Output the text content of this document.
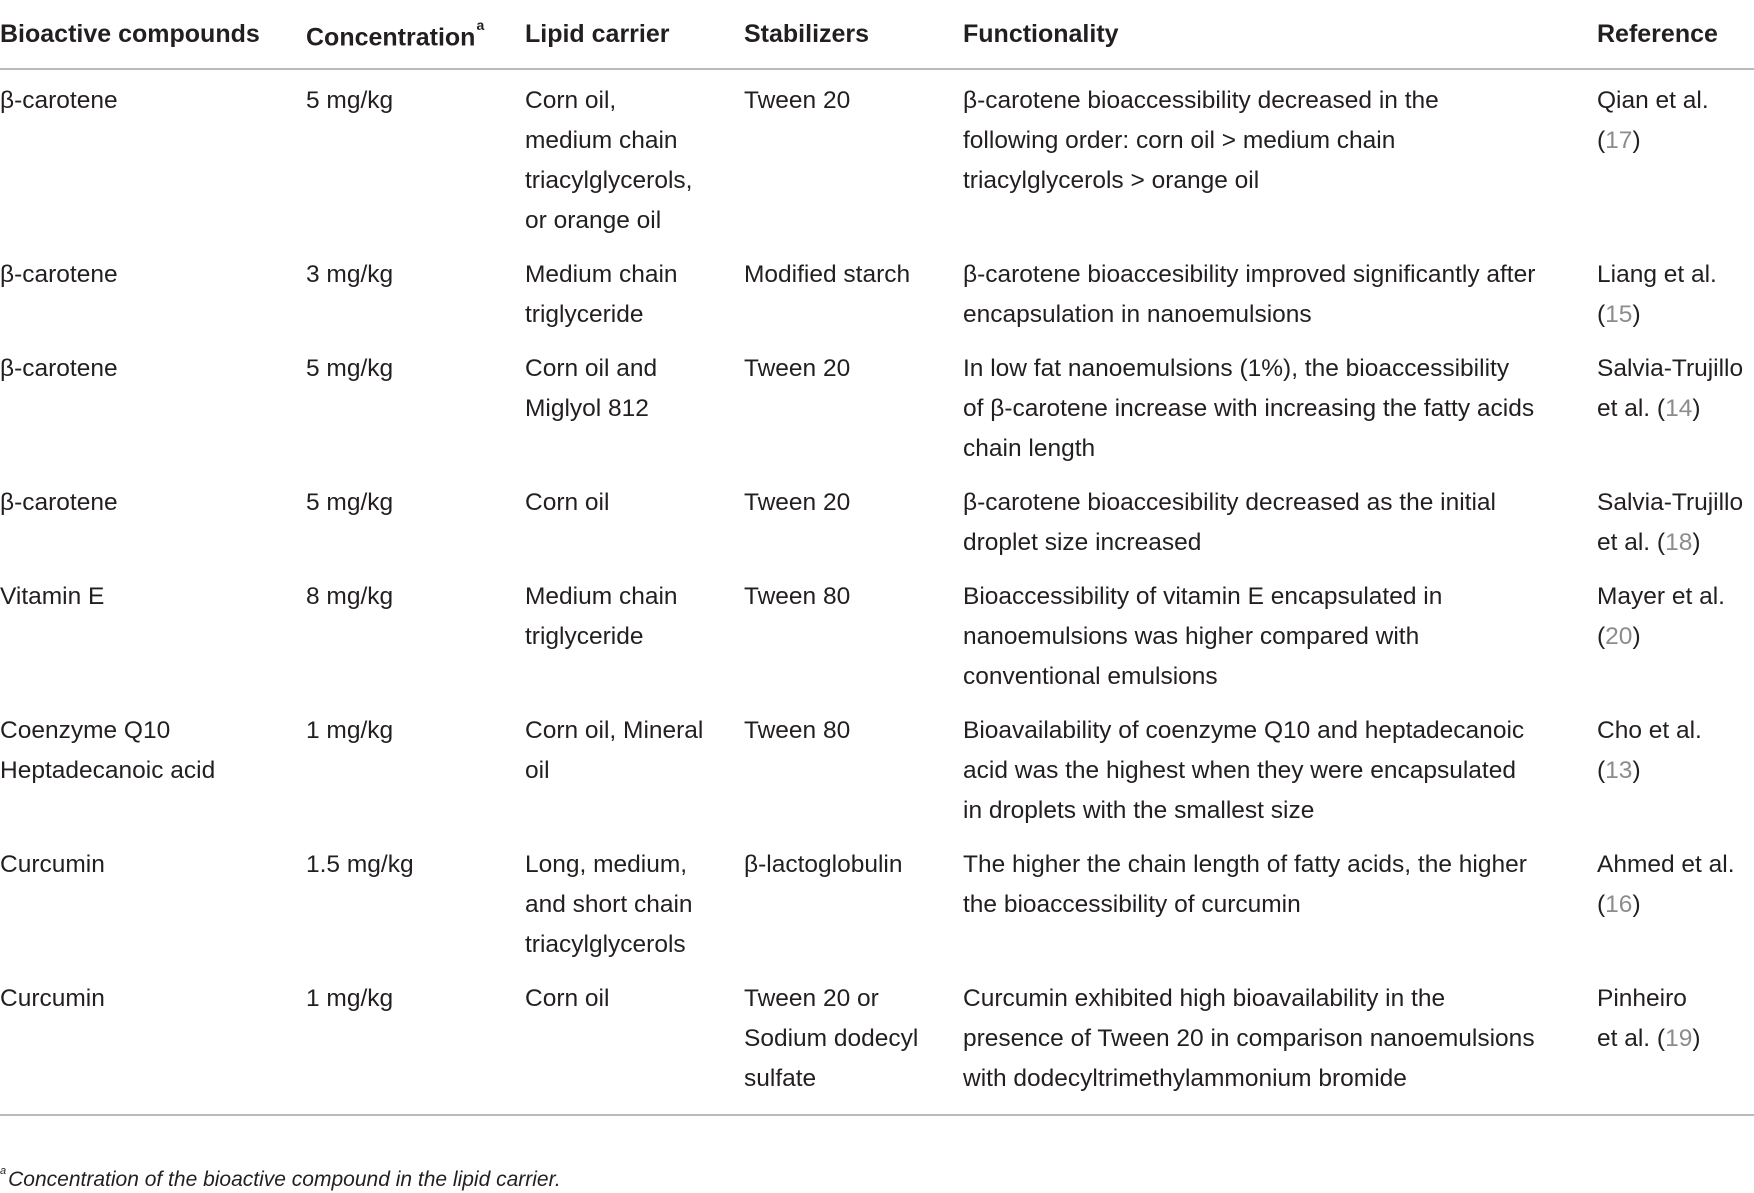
Bioactive compounds	Concentration$^a$	Lipid carrier	Stabilizers	Functionality	Reference

β-carotene	5 mg/kg	Corn oil,
medium chain
triacylglycerols,
or orange oil	Tween 20	β-carotene bioaccessibility decreased in the
following order: corn oil > medium chain
triacylglycerols > orange oil	Qian et al.
(17)

β-carotene	3 mg/kg	Medium chain
triglyceride	Modified starch	β-carotene bioaccesibility improved significantly after
encapsulation in nanoemulsions	Liang et al.
(15)

β-carotene	5 mg/kg	Corn oil and
Miglyol 812	Tween 20	In low fat nanoemulsions (1%), the bioaccessibility
of β-carotene increase with increasing the fatty acids
chain length	Salvia-Trujillo
et al. (14)

β-carotene	5 mg/kg	Corn oil	Tween 20	β-carotene bioaccesibility decreased as the initial
droplet size increased	Salvia-Trujillo
et al. (18)

Vitamin E	8 mg/kg	Medium chain
triglyceride	Tween 80	Bioaccessibility of vitamin E encapsulated in
nanoemulsions was higher compared with
conventional emulsions	Mayer et al.
(20)

Coenzyme Q10
Heptadecanoic acid	1 mg/kg	Corn oil, Mineral
oil	Tween 80	Bioavailability of coenzyme Q10 and heptadecanoic
acid was the highest when they were encapsulated
in droplets with the smallest size	Cho et al.
(13)

Curcumin	1.5 mg/kg	Long, medium,
and short chain
triacylglycerols	β-lactoglobulin	The higher the chain length of fatty acids, the higher
the bioaccessibility of curcumin	Ahmed et al.
(16)

Curcumin	1 mg/kg	Corn oil	Tween 20 or
Sodium dodecyl
sulfate	Curcumin exhibited high bioavailability in the
presence of Tween 20 in comparison nanoemulsions
with dodecyltrimethylammonium bromide	Pinheiro
et al. (19)
$^a$Concentration of the bioactive compound in the lipid carrier.
